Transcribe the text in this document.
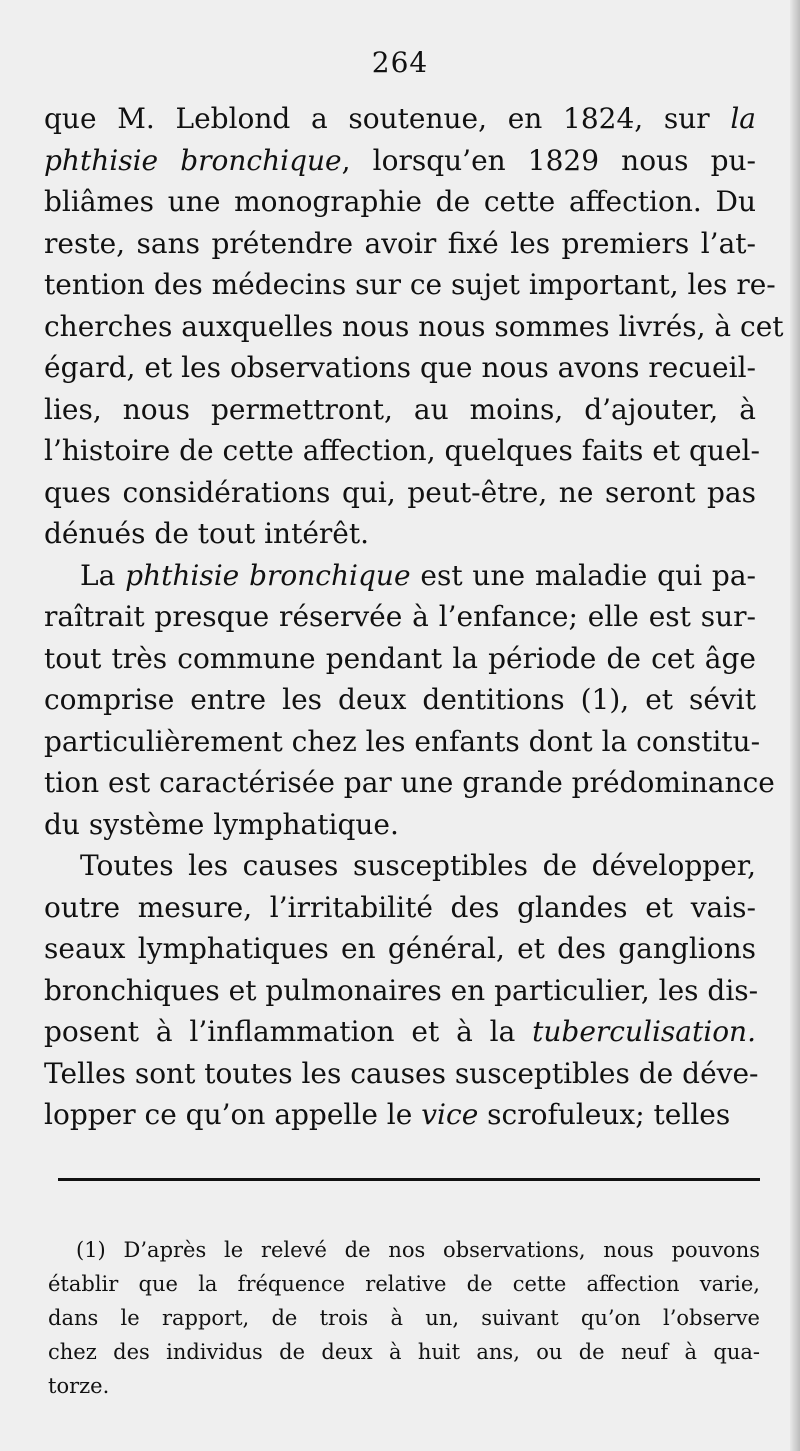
264
que M. Leblond a soutenue, en 1824, sur la
phthisie bronchique, lorsqu’en 1829 nous pu-
bliâmes une monographie de cette affection. Du
reste, sans prétendre avoir fixé les premiers l’at-
tention des médecins sur ce sujet important, les re-
cherches auxquelles nous nous sommes livrés, à cet
égard, et les observations que nous avons recueil-
lies, nous permettront, au moins, d’ajouter, à
l’histoire de cette affection, quelques faits et quel-
ques considérations qui, peut-être, ne seront pas
dénués de tout intérêt.
La phthisie bronchique est une maladie qui pa-
raîtrait presque réservée à l’enfance; elle est sur-
tout très commune pendant la période de cet âge
comprise entre les deux dentitions (1), et sévit
particulièrement chez les enfants dont la constitu-
tion est caractérisée par une grande prédominance
du système lymphatique.
Toutes les causes susceptibles de développer,
outre mesure, l’irritabilité des glandes et vais-
seaux lymphatiques en général, et des ganglions
bronchiques et pulmonaires en particulier, les dis-
posent à l’inflammation et à la tuberculisation.
Telles sont toutes les causes susceptibles de déve-
lopper ce qu’on appelle le vice scrofuleux; telles
(1) D’après le relevé de nos observations, nous pouvons
établir que la fréquence relative de cette affection varie,
dans le rapport, de trois à un, suivant qu’on l’observe
chez des individus de deux à huit ans, ou de neuf à qua-
torze.
